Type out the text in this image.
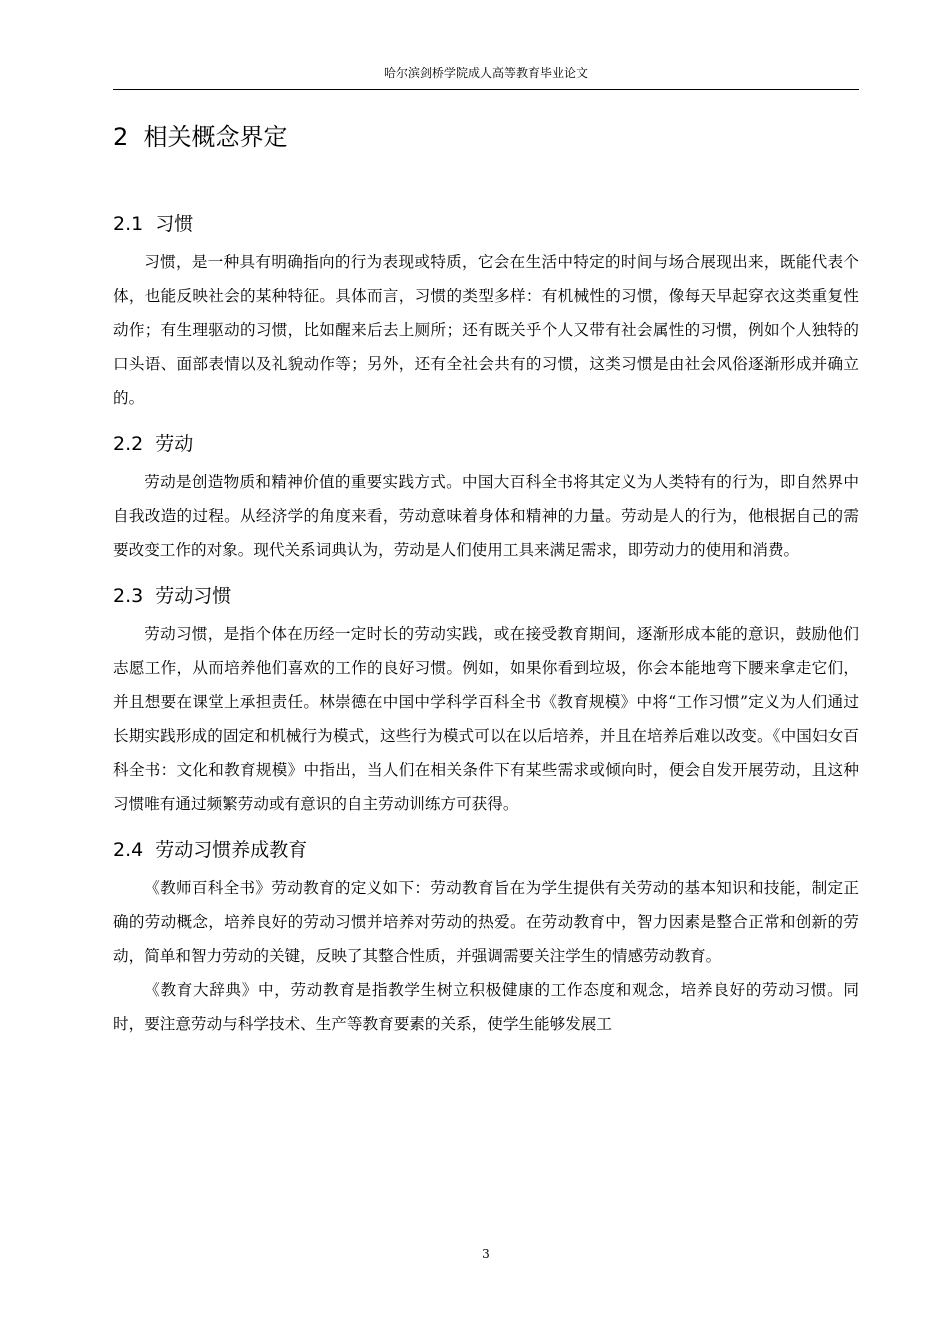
哈尔滨剑桥学院成人高等教育毕业论文
2 相关概念界定
2.1 习惯

习惯，是一种具有明确指向的行为表现或特质，它会在生活中特定的时间与场合展现出来，既能代表个体，也能反映社会的某种特征。具体而言，习惯的类型多样：有机械性的习惯，像每天早起穿衣这类重复性动作；有生理驱动的习惯，比如醒来后去上厕所；还有既关乎个人又带有社会属性的习惯，例如个人独特的口头语、面部表情以及礼貌动作等；另外，还有全社会共有的习惯，这类习惯是由社会风俗逐渐形成并确立的。

2.2 劳动

劳动是创造物质和精神价值的重要实践方式。中国大百科全书将其定义为人类特有的行为，即自然界中自我改造的过程。从经济学的角度来看，劳动意味着身体和精神的力量。劳动是人的行为，他根据自己的需要改变工作的对象。现代关系词典认为，劳动是人们使用工具来满足需求，即劳动力的使用和消费。

2.3 劳动习惯

劳动习惯，是指个体在历经一定时长的劳动实践，或在接受教育期间，逐渐形成本能的意识，鼓励他们志愿工作，从而培养他们喜欢的工作的良好习惯。例如，如果你看到垃圾，你会本能地弯下腰来拿走它们，并且想要在课堂上承担责任。林崇德在中国中学科学百科全书《教育规模》中将“工作习惯”定义为人们通过长期实践形成的固定和机械行为模式，这些行为模式可以在以后培养，并且在培养后难以改变。《中国妇女百科全书：文化和教育规模》中指出，当人们在相关条件下有某些需求或倾向时，便会自发开展劳动，且这种习惯唯有通过频繁劳动或有意识的自主劳动训练方可获得。

2.4 劳动习惯养成教育

《教师百科全书》劳动教育的定义如下：劳动教育旨在为学生提供有关劳动的基本知识和技能，制定正确的劳动概念，培养良好的劳动习惯并培养对劳动的热爱。在劳动教育中，智力因素是整合正常和创新的劳动，简单和智力劳动的关键，反映了其整合性质，并强调需要关注学生的情感劳动教育。

《教育大辞典》中，劳动教育是指教学生树立积极健康的工作态度和观念，培养良好的劳动习惯。同时，要注意劳动与科学技术、生产等教育要素的关系，使学生能够发展工

3
